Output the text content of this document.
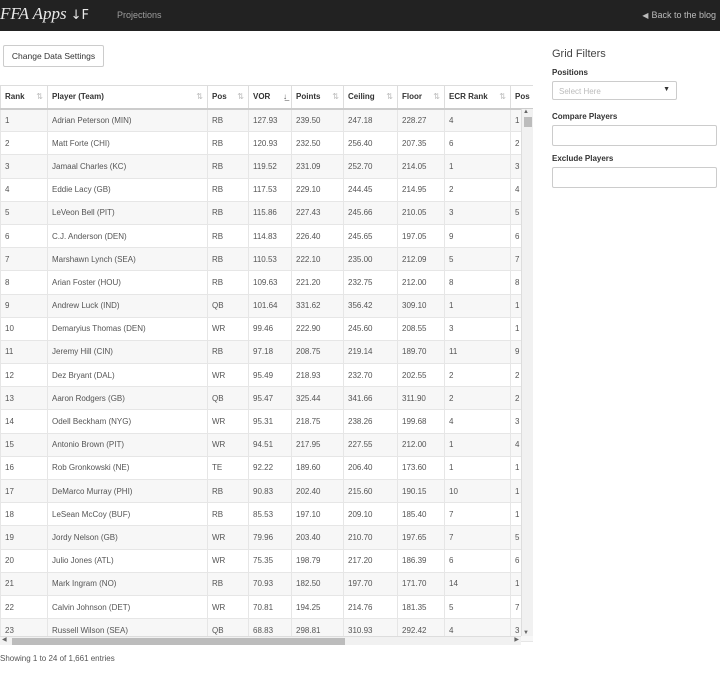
FFA Apps ↓F	Projections	◀ Back to the blog
Change Data Settings
Rank ⇅	Player (Team) ⇅	Pos ⇅	VOR ↓̲	Points ⇅	Ceiling ⇅	Floor ⇅	ECR Rank ⇅	Pos
1	Adrian Peterson (MIN)	RB	127.93	239.50	247.18	228.27	4	1
2	Matt Forte (CHI)	RB	120.93	232.50	256.40	207.35	6	2
3	Jamaal Charles (KC)	RB	119.52	231.09	252.70	214.05	1	3
4	Eddie Lacy (GB)	RB	117.53	229.10	244.45	214.95	2	4
5	LeVeon Bell (PIT)	RB	115.86	227.43	245.66	210.05	3	5
6	C.J. Anderson (DEN)	RB	114.83	226.40	245.65	197.05	9	6
7	Marshawn Lynch (SEA)	RB	110.53	222.10	235.00	212.09	5	7
8	Arian Foster (HOU)	RB	109.63	221.20	232.75	212.00	8	8
9	Andrew Luck (IND)	QB	101.64	331.62	356.42	309.10	1	1
10	Demaryius Thomas (DEN)	WR	99.46	222.90	245.60	208.55	3	1
11	Jeremy Hill (CIN)	RB	97.18	208.75	219.14	189.70	11	9
12	Dez Bryant (DAL)	WR	95.49	218.93	232.70	202.55	2	2
13	Aaron Rodgers (GB)	QB	95.47	325.44	341.66	311.90	2	2
14	Odell Beckham (NYG)	WR	95.31	218.75	238.26	199.68	4	3
15	Antonio Brown (PIT)	WR	94.51	217.95	227.55	212.00	1	4
16	Rob Gronkowski (NE)	TE	92.22	189.60	206.40	173.60	1	1
17	DeMarco Murray (PHI)	RB	90.83	202.40	215.60	190.15	10	1
18	LeSean McCoy (BUF)	RB	85.53	197.10	209.10	185.40	7	1
19	Jordy Nelson (GB)	WR	79.96	203.40	210.70	197.65	7	5
20	Julio Jones (ATL)	WR	75.35	198.79	217.20	186.39	6	6
21	Mark Ingram (NO)	RB	70.93	182.50	197.70	171.70	14	1
22	Calvin Johnson (DET)	WR	70.81	194.25	214.76	181.35	5	7
23	Russell Wilson (SEA)	QB	68.83	298.81	310.93	292.42	4	3
▲
▼
◀	▶
Showing 1 to 24 of 1,661 entries
Grid Filters
Positions
Select Here	▼
Compare Players
Exclude Players
